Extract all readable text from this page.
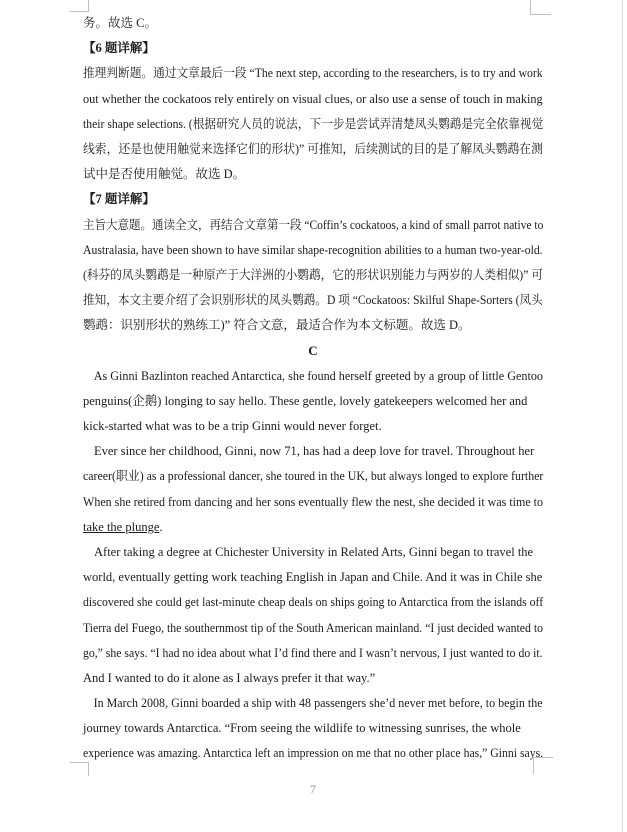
务。故选 C。
【6 题详解】
推理判断题。通过文章最后一段 “The next step, according to the researchers, is to try and work
out whether the cockatoos rely entirely on visual clues, or also use a sense of touch in making
their shape selections. (根据研究人员的说法，下一步是尝试弄清楚凤头鹦鹉是完全依靠视觉
线索，还是也使用触觉来选择它们的形状)” 可推知，后续测试的目的是了解凤头鹦鹉在测
试中是否使用触觉。故选 D。
【7 题详解】
主旨大意题。通读全文，再结合文章第一段 “Coffin’s cockatoos, a kind of small parrot native to
Australasia, have been shown to have similar shape-recognition abilities to a human two-year-old.
(科芬的凤头鹦鹉是一种原产于大洋洲的小鹦鹉，它的形状识别能力与两岁的人类相似)” 可
推知，本文主要介绍了会识别形状的凤头鹦鹉。D 项 “Cockatoos: Skilful Shape-Sorters (凤头
鹦鹉：识别形状的熟练工)” 符合文意，最适合作为本文标题。故选 D。
C
As Ginni Bazlinton reached Antarctica, she found herself greeted by a group of little Gentoo
penguins(企鹅) longing to say hello. These gentle, lovely gatekeepers welcomed her and
kick-started what was to be a trip Ginni would never forget.
Ever since her childhood, Ginni, now 71, has had a deep love for travel. Throughout her
career(职业) as a professional dancer, she toured in the UK, but always longed to explore further
When she retired from dancing and her sons eventually flew the nest, she decided it was time to
take the plunge.
After taking a degree at Chichester University in Related Arts, Ginni began to travel the
world, eventually getting work teaching English in Japan and Chile. And it was in Chile she
discovered she could get last-minute cheap deals on ships going to Antarctica from the islands off
Tierra del Fuego, the southernmost tip of the South American mainland. “I just decided wanted to
go,” she says. “I had no idea about what I’d find there and I wasn’t nervous, I just wanted to do it.
And I wanted to do it alone as I always prefer it that way.”
In March 2008, Ginni boarded a ship with 48 passengers she’d never met before, to begin the
journey towards Antarctica. “From seeing the wildlife to witnessing sunrises, the whole
experience was amazing. Antarctica left an impression on me that no other place has,” Ginni says.
7
